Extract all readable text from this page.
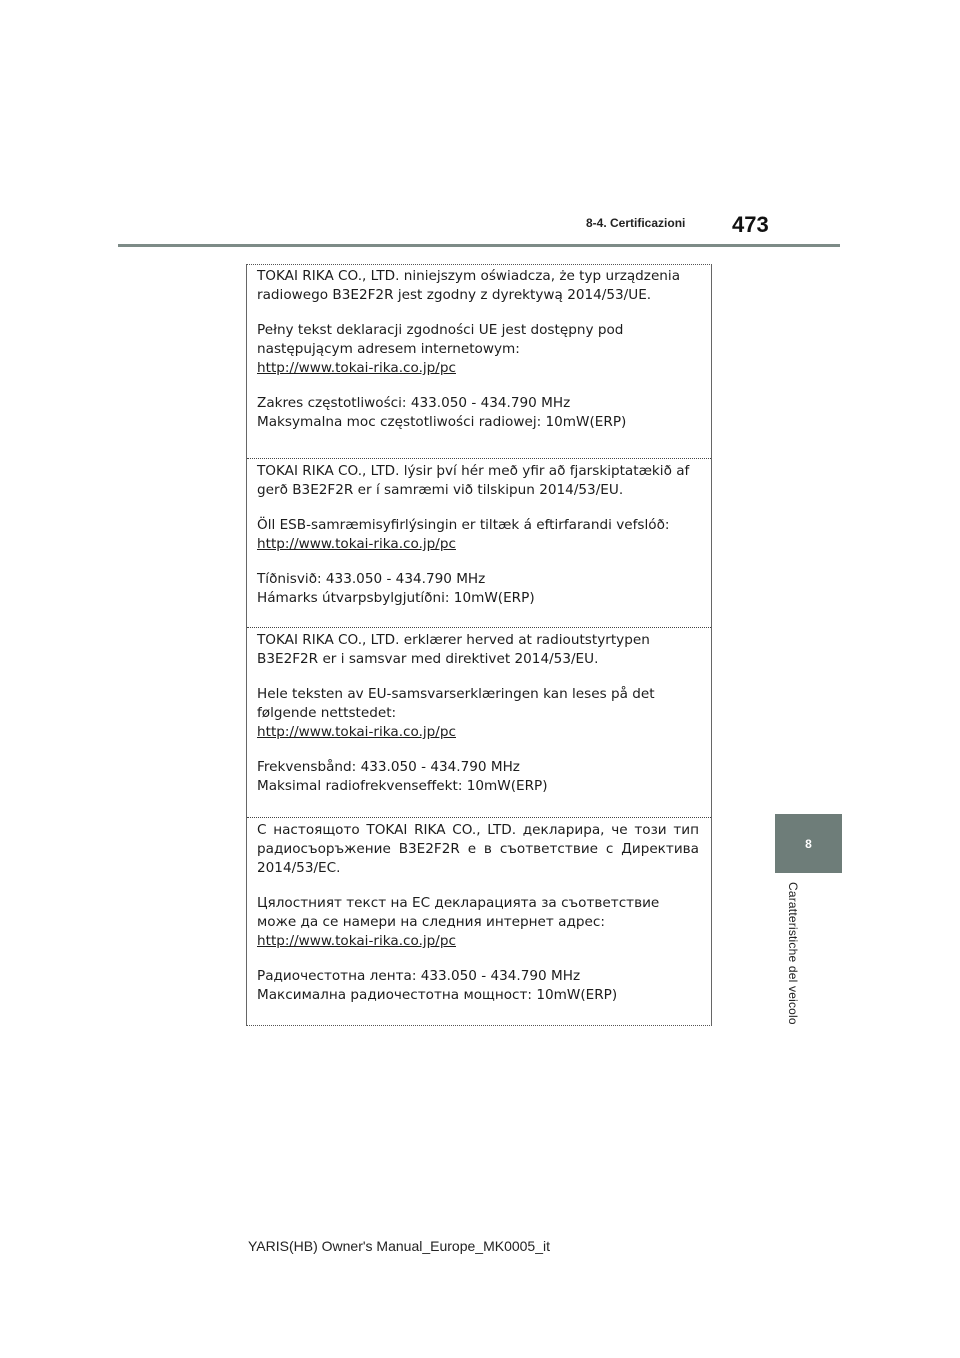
8-4. Certificazioni 473
8
Caratteristiche del veicolo

TOKAI RIKA CO., LTD. niniejszym oświadcza, że typ urządzenia radiowego B3E2F2R jest zgodny z dyrektywą 2014/53/UE.

Pełny tekst deklaracji zgodności UE jest dostępny pod następującym adresem internetowym:

http://www.tokai-rika.co.jp/pc

Zakres częstotliwości: 433.050 - 434.790 MHz

Maksymalna moc częstotliwości radiowej: 10mW(ERP)

TOKAI RIKA CO., LTD. lýsir því hér með yfir að fjarskiptatækið af gerð B3E2F2R er í samræmi við tilskipun 2014/53/EU.

Öll ESB-samræmisyfirlýsingin er tiltæk á eftirfarandi vefslóð:

http://www.tokai-rika.co.jp/pc

Tíðnisvið: 433.050 - 434.790 MHz

Hámarks útvarpsbylgjutíðni: 10mW(ERP)

TOKAI RIKA CO., LTD. erklærer herved at radioutstyrtypen B3E2F2R er i samsvar med direktivet 2014/53/EU.

Hele teksten av EU-samsvarserklæringen kan leses på det følgende nettstedet:

http://www.tokai-rika.co.jp/pc

Frekvensbånd: 433.050 - 434.790 MHz

Maksimal radiofrekvenseffekt: 10mW(ERP)

С настоящото TOKAI RIKA CO., LTD. декларира, че този тип радиосъоръжение B3E2F2R е в съответствие с Директива 2014/53/ЕС.

Цялостният текст на ЕС декларацията за съответствие може да се намери на следния интернет адрес:

http://www.tokai-rika.co.jp/pc

Радиочестотна лента: 433.050 - 434.790 MHz

Максимална радиочестотна мощност: 10mW(ERP)

YARIS(HB) Owner's Manual_Europe_MK0005_it
